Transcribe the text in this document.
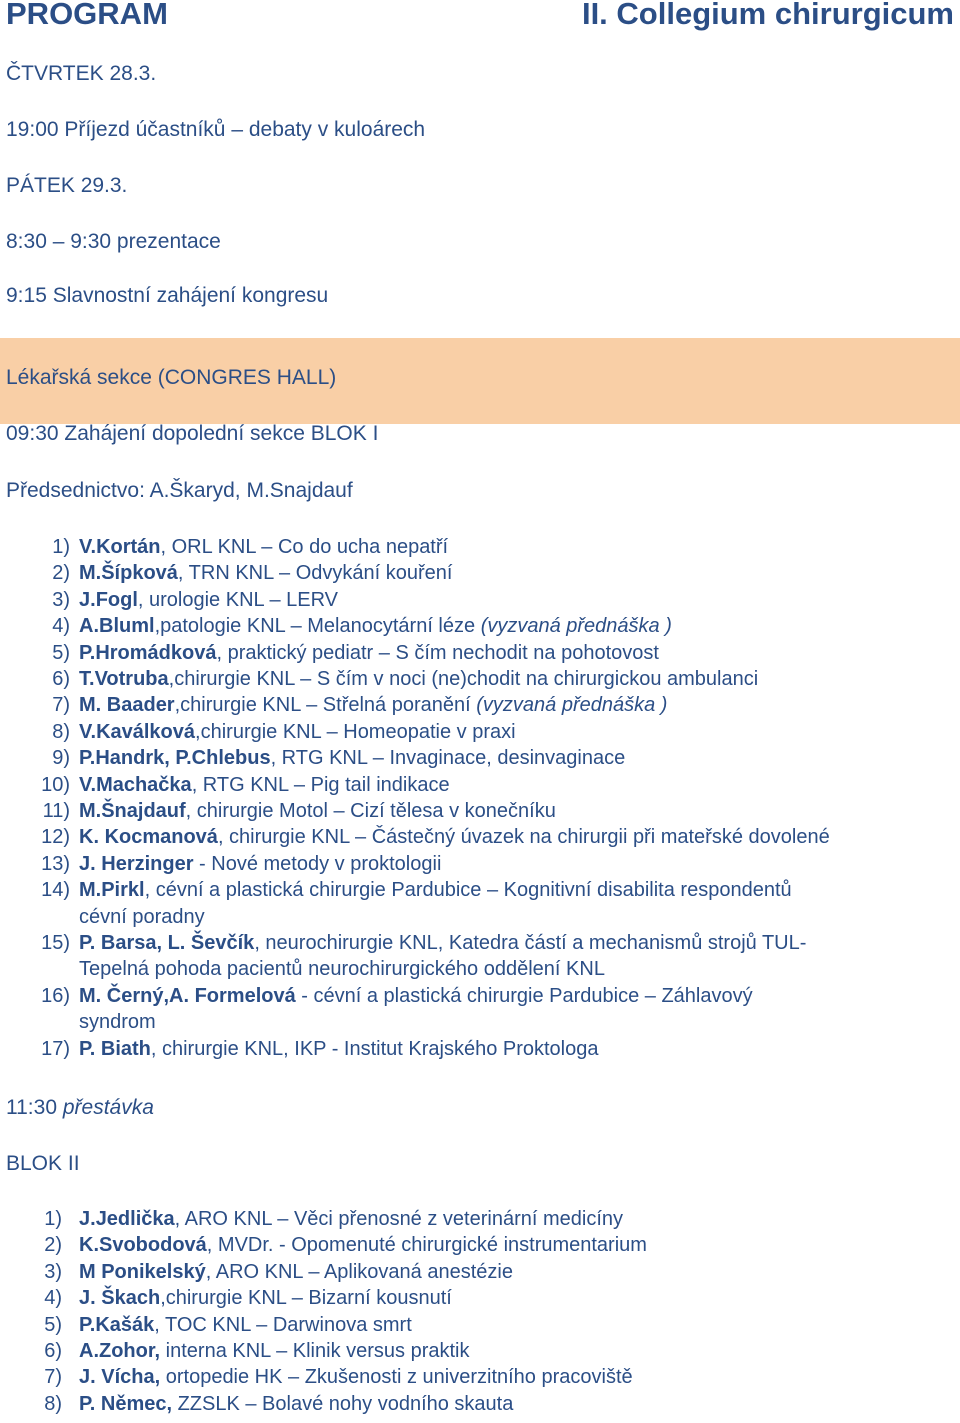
PROGRAM	II. Collegium chirurgicum
ČTVRTEK 28.3.
19:00 Příjezd účastníků – debaty v kuloárech
PÁTEK 29.3.
8:30 – 9:30 prezentace
9:15 Slavnostní zahájení kongresu
Lékařská sekce (CONGRES HALL)
09:30 Zahájení dopolední sekce BLOK I
Předsednictvo: A.Škaryd, M.Snajdauf
1) V.Kortán, ORL KNL – Co do ucha nepatří
2) M.Šípková, TRN KNL – Odvykání kouření
3) J.Fogl, urologie KNL – LERV
4) A.Bluml,patologie KNL – Melanocytární léze (vyzvaná přednáška )
5) P.Hromádková, praktický pediatr – S čím nechodit na pohotovost
6) T.Votruba,chirurgie KNL – S čím v noci (ne)chodit na chirurgickou ambulanci
7) M. Baader,chirurgie KNL – Střelná poranění (vyzvaná přednáška )
8) V.Kaválková,chirurgie KNL – Homeopatie v praxi
9) P.Handrk, P.Chlebus, RTG KNL – Invaginace, desinvaginace
10) V.Machačka, RTG KNL – Pig tail indikace
11) M.Šnajdauf, chirurgie Motol – Cizí tělesa v konečníku
12) K. Kocmanová, chirurgie KNL – Částečný úvazek na chirurgii při mateřské dovolené
13) J. Herzinger - Nové metody v proktologii
14) M.Pirkl, cévní a plastická chirurgie Pardubice – Kognitivní disabilita respondentů
cévní poradny
15) P. Barsa, L. Ševčík, neurochirurgie KNL, Katedra částí a mechanismů strojů TUL-
Tepelná pohoda pacientů neurochirurgického oddělení KNL
16) M. Černý,A. Formelová - cévní a plastická chirurgie Pardubice – Záhlavový
syndrom
17) P. Biath, chirurgie KNL, IKP - Institut Krajského Proktologa
11:30 přestávka
BLOK II
1) J.Jedlička, ARO KNL – Věci přenosné z veterinární medicíny
2) K.Svobodová, MVDr. - Opomenuté chirurgické instrumentarium
3) M Ponikelský, ARO KNL – Aplikovaná anestézie
4) J. Škach,chirurgie KNL – Bizarní kousnutí
5) P.Kašák, TOC KNL – Darwinova smrt
6) A.Zohor, interna KNL – Klinik versus praktik
7) J. Vícha, ortopedie HK – Zkušenosti z univerzitního pracoviště
8) P. Němec, ZZSLK – Bolavé nohy vodního skauta
